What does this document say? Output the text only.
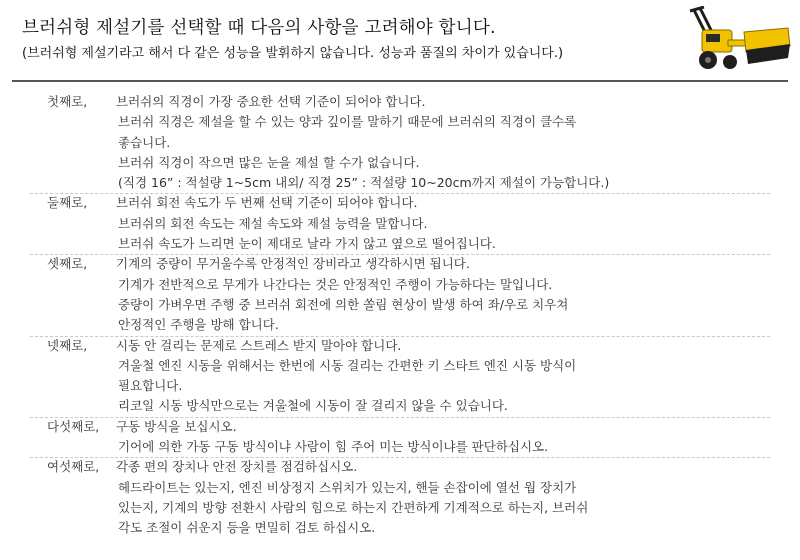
브러쉬형 제설기를 선택할 때 다음의 사항을 고려해야 합니다.
(브러쉬형 제설기라고 해서 다 같은 성능을 발휘하지 않습니다. 성능과 품질의 차이가 있습니다.)
첫째로, 브러쉬의 직경이 가장 중요한 선택 기준이 되어야 합니다.
브러쉬 직경은 제설을 할 수 있는 양과 깊이를 말하기 때문에 브러쉬의 직경이 클수록
좋습니다.
브러쉬 직경이 작으면 많은 눈을 제설 할 수가 없습니다.
(직경 16” : 적설량 1~5cm 내외/ 직경 25” : 적설량 10~20cm까지 제설이 가능합니다.)
둘째로, 브러쉬 회전 속도가 두 번째 선택 기준이 되어야 합니다.
브러쉬의 회전 속도는 제설 속도와 제설 능력을 말합니다.
브러쉬 속도가 느리면 눈이 제대로 날라 가지 않고 옆으로 떨어집니다.
셋째로, 기계의 중량이 무거울수록 안정적인 장비라고 생각하시면 됩니다.
기계가 전반적으로 무게가 나간다는 것은 안정적인 주행이 가능하다는 말입니다.
중량이 가벼우면 주행 중 브러쉬 회전에 의한 쏠림 현상이 발생 하여 좌/우로 치우쳐
안정적인 주행을 방해 합니다.
넷째로, 시동 안 걸리는 문제로 스트레스 받지 말아야 합니다.
겨울철 엔진 시동을 위해서는 한번에 시동 걸리는 간편한 키 스타트 엔진 시동 방식이
필요합니다.
리코일 시동 방식만으로는 겨울철에 시동이 잘 걸리지 않을 수 있습니다.
다섯째로, 구동 방식을 보십시오.
기어에 의한 가동 구동 방식이냐 사람이 힘 주어 미는 방식이냐를 판단하십시오.
여섯째로, 각종 편의 장치나 안전 장치를 점검하십시오.
헤드라이트는 있는지, 엔진 비상정지 스위치가 있는지, 핸들 손잡이에 열선 웜 장치가
있는지, 기계의 방향 전환시 사람의 힘으로 하는지 간편하게 기계적으로 하는지, 브러쉬
각도 조절이 쉬운지 등을 면밀히 검토 하십시오.
